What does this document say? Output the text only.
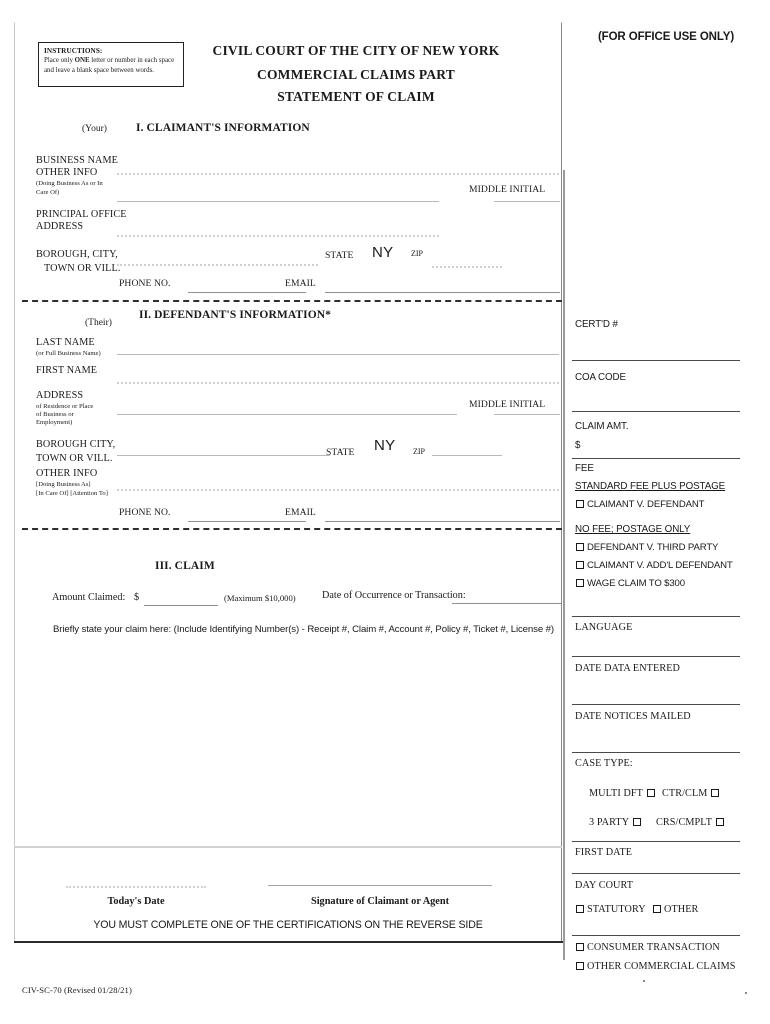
INSTRUCTIONS:
Place only ONE letter or number in each space
and leave a blank space between words.
CIVIL COURT OF THE CITY OF NEW YORK
COMMERCIAL CLAIMS PART
STATEMENT OF CLAIM
(FOR OFFICE USE ONLY)
(Your)	I. CLAIMANT'S INFORMATION
BUSINESS NAME
OTHER INFO
(Doing Business As or In
Care Of)
PRINCIPAL OFFICE
ADDRESS
BOROUGH, CITY,
TOWN OR VILL.
MIDDLE INITIAL
STATE NY ZIP
PHONE NO.	EMAIL
(Their)
II. DEFENDANT'S INFORMATION*
LAST NAME
(or Full Business Name)
FIRST NAME
ADDRESS
of Residence or Place
of Business or
Employment)
BOROUGH CITY,
TOWN OR VILL.
OTHER INFO
[Doing Business As]
[In Care Of] [Attention To]
MIDDLE INITIAL
STATE NY ZIP
PHONE NO.	EMAIL
III. CLAIM
Amount Claimed: $	(Maximum $10,000)	Date of Occurrence or Transaction:
Briefly state your claim here: (Include Identifying Number(s) - Receipt #, Claim #, Account #, Policy #, Ticket #, License #)
Today's Date	Signature of Claimant or Agent
YOU MUST COMPLETE ONE OF THE CERTIFICATIONS ON THE REVERSE SIDE
CIV-SC-70 (Revised 01/28/21)
CERT'D #
COA CODE
CLAIM AMT.
$
FEE
STANDARD FEE PLUS POSTAGE
CLAIMANT V. DEFENDANT
NO FEE; POSTAGE ONLY
DEFENDANT V. THIRD PARTY
CLAIMANT V. ADD'L DEFENDANT
WAGE CLAIM TO $300
LANGUAGE
DATE DATA ENTERED
DATE NOTICES MAILED
CASE TYPE:
MULTI DFT	CTR/CLM
3 PARTY	CRS/CMPLT
FIRST DATE
DAY COURT
STATUTORY	OTHER
CONSUMER TRANSACTION
OTHER COMMERCIAL CLAIMS
